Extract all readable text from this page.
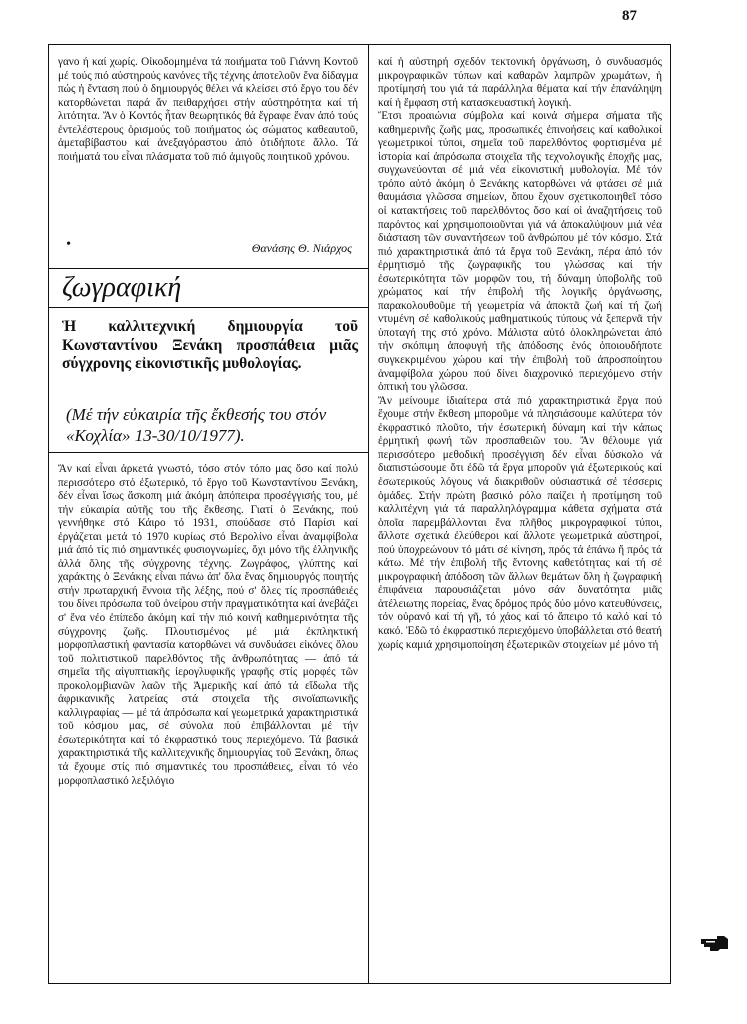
87

γανο ή καί χωρίς. Οἰκοδομημένα τά ποιήματα τοῦ Γιάννη Κοντοῦ μέ τούς πιό αὐστηρούς κανόνες τῆς τέχνης ἀποτελοῦν ἕνα δίδαγμα πώς ἡ ἔνταση πού ὁ δημιουργός θέλει νά κλείσει στό ἔργο του δέν κατορθώνεται παρά ἄν πειθαρχήσει στήν αὐστηρότητα καί τή λιτότητα. Ἄν ὁ Κοντός ἦταν θεωρητικός θά ἔγραφε ἕναν ἀπό τούς ἐντελέστερους ὁρισμούς τοῦ ποιήματος ὡς σώματος καθεαυτοῦ, ἀμεταβίβαστου καί ἀνεξαγόραστου ἀπό ὁτιδήποτε ἄλλο. Τά ποιήματά του εἶναι πλάσματα τοῦ πιό ἀμιγοῦς ποιητικοῦ χρόνου.

•	Θανάσης Θ. Νιάρχος
ζωγραφική
Ἡ καλλιτεχνική δημιουργία τοῦ Κωνσταντίνου Ξενάκη προσπάθεια μιᾶς σύγχρονης εἰκονιστικῆς μυθολογίας.
(Μέ τήν εὐκαιρία τῆς ἔκθεσής του στόν «Κοχλία» 13-30/10/1977).

Ἄν καί εἶναι ἀρκετά γνωστό, τόσο στόν τόπο μας ὅσο καί πολύ περισσότερο στό ἐξωτερικό, τό ἔργο τοῦ Κωνσταντίνου Ξενάκη, δέν εἶναι ἴσως ἄσκοπη μιά ἀκόμη ἀπόπειρα προσέγγισής του, μέ τήν εὐκαιρία αὐτῆς του τῆς ἔκθεσης. Γιατί ὁ Ξενάκης, πού γεννήθηκε στό Κάιρο τό 1931, σπούδασε στό Παρίσι καί ἐργάζεται μετά τό 1970 κυρίως στό Βερολίνο εἶναι ἀναμφίβολα μιά ἀπό τίς πιό σημαντικές φυσιογνωμίες, ὄχι μόνο τῆς ἑλληνικῆς ἀλλά ὅλης τῆς σύγχρονης τέχνης. Ζωγράφος, γλύπτης καί χαράκτης ὁ Ξενάκης εἶναι πάνω ἀπ' ὅλα ἕνας δημιουργός ποιητής στήν πρωταρχική ἔννοια τῆς λέξης, πού σ' ὅλες τίς προσπάθειές του δίνει πρόσωπα τοῦ ὀνείρου στήν πραγματικότητα καί ἀνεβάζει σ' ἕνα νέο ἐπίπεδο ἀκόμη καί τήν πιό κοινή καθημερινότητα τῆς σύγχρονης ζωῆς. Πλουτισμένος μέ μιά ἐκπληκτική μορφοπλαστική φαντασία κατορθώνει νά συνδυάσει εἰκόνες ὅλου τοῦ πολιτιστικοῦ παρελθόντος τῆς ἀνθρωπότητας — ἀπό τά σημεῖα τῆς αἰγυπτιακῆς ἱερογλυφικῆς γραφῆς στίς μορφές τῶν προκολομβιανῶν λαῶν τῆς Ἀμερικῆς καί ἀπό τά εἴδωλα τῆς ἀφρικανικῆς λατρείας στά στοιχεῖα τῆς σινοϊαπωνικῆς καλλιγραφίας — μέ τά ἀπρόσωπα καί γεωμετρικά χαρακτηριστικά τοῦ κόσμου μας, σέ σύνολα πού ἐπιβάλλονται μέ τήν ἐσωτερικότητα καί τό ἐκφραστικό τους περιεχόμενο. Τά βασικά χαρακτηριστικά τῆς καλλιτεχνικῆς δημιουργίας τοῦ Ξενάκη, ὅπως τά ἔχουμε στίς πιό σημαντικές του προσπάθειες, εἶναι τό νέο μορφοπλαστικό λεξιλόγιο

καί ἡ αὐστηρή σχεδόν τεκτονική ὀργάνωση, ὁ συνδυασμός μικρογραφικῶν τύπων καί καθαρῶν λαμπρῶν χρωμάτων, ἡ προτίμησή του γιά τά παράλληλα θέματα καί τήν ἐπανάληψη καί ἡ ἔμφαση στή κατασκευαστική λογική.

Ἔτσι προαιώνια σύμβολα καί κοινά σήμερα σήματα τῆς καθημερινῆς ζωῆς μας, προσωπικές ἐπινοήσεις καί καθολικοί γεωμετρικοί τύποι, σημεῖα τοῦ παρελθόντος φορτισμένα μέ ἱστορία καί ἀπρόσωπα στοιχεῖα τῆς τεχνολογικῆς ἐποχῆς μας, συγχωνεύονται σέ μιά νέα εἰκονιστική μυθολογία. Μέ τόν τρόπο αὐτό ἀκόμη ὁ Ξενάκης κατορθώνει νά φτάσει σέ μιά θαυμάσια γλῶσσα σημείων, ὅπου ἔχουν σχετικοποιηθεῖ τόσο οἱ κατακτήσεις τοῦ παρελθόντος ὅσο καί οἱ ἀναζητήσεις τοῦ παρόντος καί χρησιμοποιοῦνται γιά νά ἀποκαλύψουν μιά νέα διάσταση τῶν συναντήσεων τοῦ ἀνθρώπου μέ τόν κόσμο. Στά πιό χαρακτηριστικά ἀπό τά ἔργα τοῦ Ξενάκη, πέρα ἀπό τόν ἐρμητισμό τῆς ζωγραφικῆς του γλώσσας καί τήν ἐσωτερικότητα τῶν μορφῶν του, τή δύναμη ὑποβολῆς τοῦ χρώματος καί τήν ἐπιβολή τῆς λογικῆς ὀργάνωσης, παρακολουθοῦμε τή γεωμετρία νά ἀποκτᾶ ζωή καί τή ζωή ντυμένη σέ καθολικούς μαθηματικούς τύπους νά ξεπερνᾶ τήν ὑποταγή της στό χρόνο. Μάλιστα αὐτό ὁλοκληρώνεται ἀπό τήν σκόπιμη ἀποφυγή τῆς ἀπόδοσης ἑνός ὁποιουδήποτε συγκεκριμένου χώρου καί τήν ἐπιβολή τοῦ ἀπροσποίητου ἀναμφίβολα χώρου πού δίνει διαχρονικό περιεχόμενο στήν ὀπτική του γλῶσσα.

Ἄν μείνουμε ἰδιαίτερα στά πιό χαρακτηριστικά ἔργα πού ἔχουμε στήν ἔκθεση μποροῦμε νά πλησιάσουμε καλύτερα τόν ἐκφραστικό πλοῦτο, τήν ἐσωτερική δύναμη καί τήν κάπως ἐρμητική φωνή τῶν προσπαθειῶν του. Ἄν θέλουμε γιά περισσότερο μεθοδική προσέγγιση δέν εἶναι δύσκολο νά διαπιστώσουμε ὅτι ἐδῶ τά ἔργα μποροῦν γιά ἐξωτερικούς καί ἐσωτερικούς λόγους νά διακριθοῦν οὐσιαστικά σέ τέσσερις ὁμάδες. Στήν πρώτη βασικό ρόλο παίζει ἡ προτίμηση τοῦ καλλιτέχνη γιά τά παραλληλόγραμμα κάθετα σχήματα στά ὁποῖα παρεμβάλλονται ἕνα πλῆθος μικρογραφικοί τύποι, ἄλλοτε σχετικά ἐλεύθεροι καί ἄλλοτε γεωμετρικά αὐστηροί, πού ὑποχρεώνουν τό μάτι σέ κίνηση, πρός τά ἐπάνω ἤ πρός τά κάτω. Μέ τήν ἐπιβολή τῆς ἔντονης καθετότητας καί τή σέ μικρογραφική ἀπόδοση τῶν ἄλλων θεμάτων ὅλη ἡ ζωγραφική ἐπιφάνεια παρουσιάζεται μόνο σάν δυνατότητα μιᾶς ἀτέλειωτης πορείας, ἕνας δρόμος πρός δύο μόνο κατευθύνσεις, τόν οὐρανό καί τή γῆ, τό χάος καί τό ἄπειρο τό καλό καί τό κακό. Ἐδῶ τό ἐκφραστικό περιεχόμενο ὑποβάλλεται στό θεατή χωρίς καμιά χρησιμοποίηση ἐξωτερικῶν στοιχείων μέ μόνο τή
